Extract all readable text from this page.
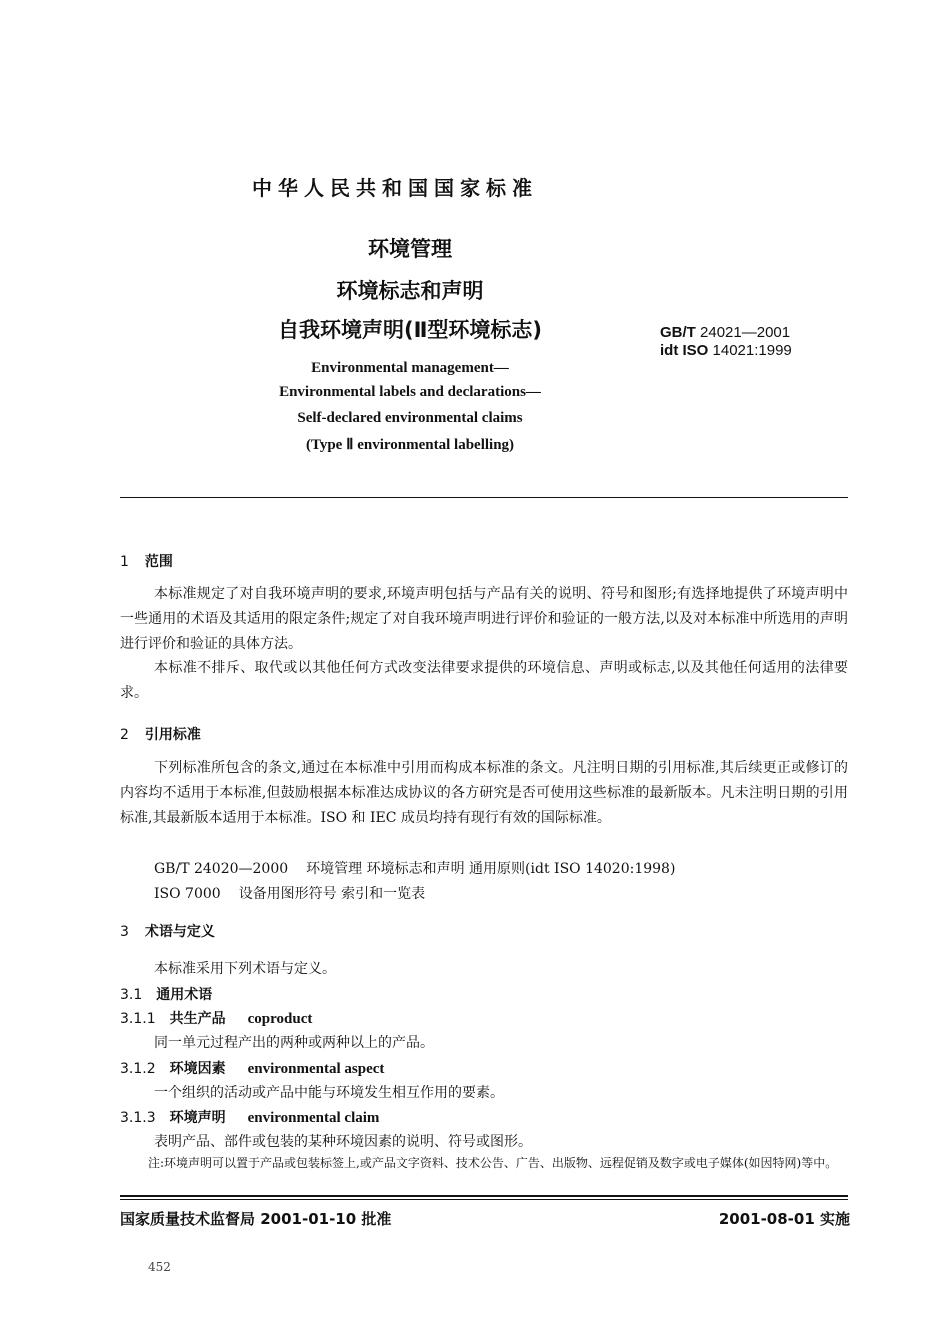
中华人民共和国国家标准
环境管理
环境标志和声明
自我环境声明(Ⅱ型环境标志)	GB/T 24021—2001
idt ISO 14021:1999
Environmental management—
Environmental labels and declarations—
Self-declared environmental claims
(Type Ⅱ environmental labelling)
1 范围
本标准规定了对自我环境声明的要求,环境声明包括与产品有关的说明、符号和图形;有选择地提供了环境声明中一些通用的术语及其适用的限定条件;规定了对自我环境声明进行评价和验证的一般方法,以及对本标准中所选用的声明进行评价和验证的具体方法。
本标准不排斥、取代或以其他任何方式改变法律要求提供的环境信息、声明或标志,以及其他任何适用的法律要求。
2 引用标准
下列标准所包含的条文,通过在本标准中引用而构成本标准的条文。凡注明日期的引用标准,其后续更正或修订的内容均不适用于本标准,但鼓励根据本标准达成协议的各方研究是否可使用这些标准的最新版本。凡未注明日期的引用标准,其最新版本适用于本标准。ISO 和 IEC 成员均持有现行有效的国际标准。
GB/T 24020—2000 环境管理 环境标志和声明 通用原则(idt ISO 14020:1998)
ISO 7000 设备用图形符号 索引和一览表
3 术语与定义
本标准采用下列术语与定义。
3.1 通用术语
3.1.1 共生产品 coproduct
同一单元过程产出的两种或两种以上的产品。
3.1.2 环境因素 environmental aspect
一个组织的活动或产品中能与环境发生相互作用的要素。
3.1.3 环境声明 environmental claim
表明产品、部件或包装的某种环境因素的说明、符号或图形。
注:环境声明可以置于产品或包装标签上,或产品文字资料、技术公告、广告、出版物、远程促销及数字或电子媒体(如因特网)等中。
国家质量技术监督局 2001-01-10 批准	2001-08-01 实施
452
